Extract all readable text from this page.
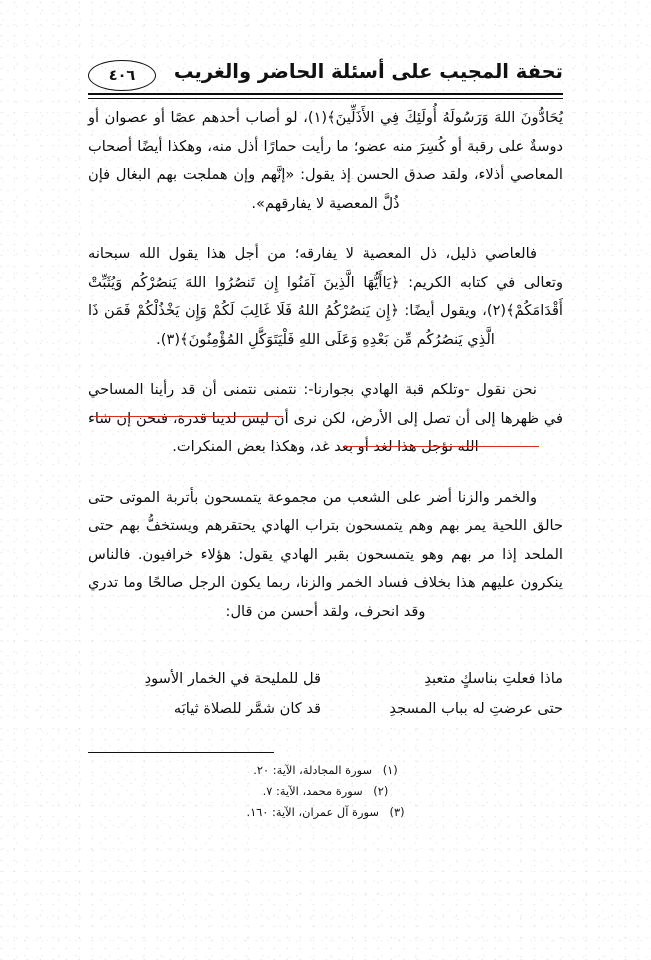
تحفة المجيب على أسئلة الحاضر والغريب
٤٠٦

يُحَادُّونَ اللهَ وَرَسُولَهُ أُولَئِكَ فِي الأَذَلِّينَ﴾(١)، لو أصاب أحدهم عصًا أو عصوان أو دوسةٌ على رقبة أو كُسِرَ منه عضو؛ ما رأيت حمارًا أذل منه، وهكذا أيضًا أصحاب المعاصي أذلاء، ولقد صدق الحسن إذ يقول: «إنَّهم وإن هملجت بهم البغال فإن ذُلَّ المعصية لا يفارقهم».

فالعاصي ذليل، ذل المعصية لا يفارقه؛ من أجل هذا يقول الله سبحانه وتعالى في كتابه الكريم: ﴿يَاأَيُّهَا الَّذِينَ آمَنُوا إِن تَنصُرُوا اللهَ يَنصُرْكُم وَيُثَبِّتْ أَقْدَامَكُمْ﴾(٢)، ويقول أيضًا: ﴿إِن يَنصُرْكُمُ اللهُ فَلَا غَالِبَ لَكُمْ وَإِن يَخْذُلْكُمْ فَمَن ذَا الَّذِي يَنصُرُكُم مِّن بَعْدِهِ وَعَلَى اللهِ فَلْيَتَوَكَّلِ المُؤْمِنُونَ﴾(٣).

نحن نقول -وتلكم قبة الهادي بجوارنا-: نتمنى نتمنى أن قد رأينا المساحي في ظهرها إلى أن تصل إلى الأرض، لكن نرى أن ليس لدينا قدرة، فنحن إن شاء الله نؤجل هذا لغد أو بعد غد، وهكذا بعض المنكرات.

والخمر والزنا أضر على الشعب من مجموعة يتمسحون بأتربة الموتى حتى حالق اللحية يمر بهم وهم يتمسحون بتراب الهادي يحتقرهم ويستخفُّ بهم حتى الملحد إذا مر بهم وهو يتمسحون بقبر الهادي يقول: هؤلاء خرافيون. فالناس ينكرون عليهم هذا بخلاف فساد الخمر والزنا، ربما يكون الرجل صالحًا وما تدري وقد انحرف، ولقد أحسن من قال:

ماذا فعلتِ بناسكٍ متعبدِ
قل للمليحة في الخمار الأسودِ
حتى عرضتِ له بباب المسجدِ
قد كان شمَّر للصلاة ثيابَه
(١) سورة المجادلة، الآية: ٢٠.
(٢) سورة محمد، الآية: ٧.
(٣) سورة آل عمران، الآية: ١٦٠.
